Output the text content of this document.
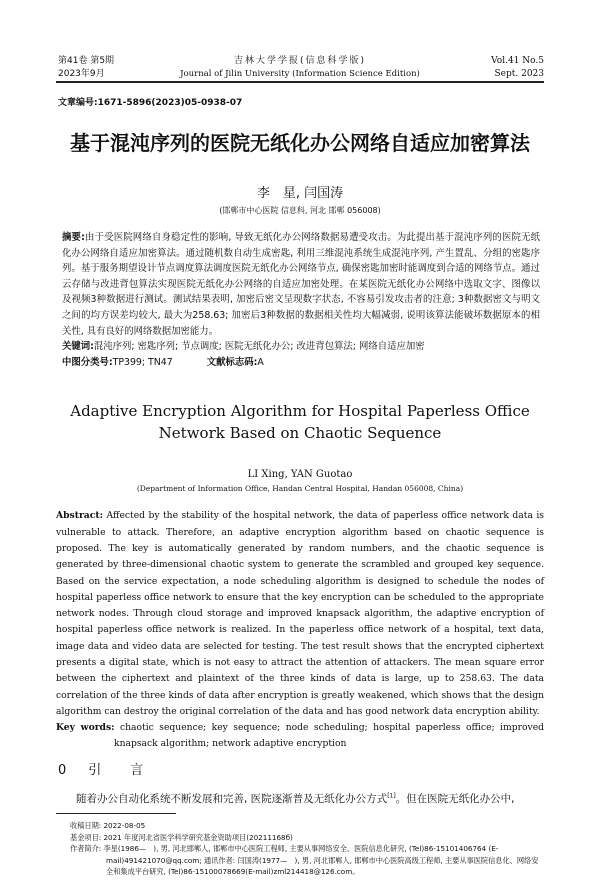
第41卷 第5期
2023年9月
吉林大学学报(信息科学版)
Journal of Jilin University (Information Science Edition)
Vol.41 No.5
Sept. 2023
文章编号:1671-5896(2023)05-0938-07
基于混沌序列的医院无纸化办公网络自适应加密算法
李　星, 闫国涛
(邯郸市中心医院 信息科, 河北 邯郸 056008)
摘要:由于受医院网络自身稳定性的影响, 导致无纸化办公网络数据易遭受攻击。为此提出基于混沌序列的医院无纸化办公网络自适应加密算法。通过随机数自动生成密匙, 利用三维混沌系统生成混沌序列, 产生置乱、分组的密匙序列。基于服务期望设计节点调度算法调度医院无纸化办公网络节点, 确保密匙加密时能调度到合适的网络节点。通过云存储与改进背包算法实现医院无纸化办公网络的自适应加密处理。在某医院无纸化办公网络中选取文字、图像以及视频3种数据进行测试。测试结果表明, 加密后密文呈现数字状态, 不容易引发攻击者的注意; 3种数据密文与明文之间的均方误差均较大, 最大为258.63; 加密后3种数据的数据相关性均大幅减弱, 说明该算法能破坏数据原本的相关性, 具有良好的网络数据加密能力。
关键词:混沌序列; 密匙序列; 节点调度; 医院无纸化办公; 改进背包算法; 网络自适应加密
中图分类号:TP399; TN47	文献标志码:A
Adaptive Encryption Algorithm for Hospital Paperless Office
Network Based on Chaotic Sequence
LI Xing, YAN Guotao
(Department of Information Office, Handan Central Hospital, Handan 056008, China)
Abstract: Affected by the stability of the hospital network, the data of paperless office network data is vulnerable to attack. Therefore, an adaptive encryption algorithm based on chaotic sequence is proposed. The key is automatically generated by random numbers, and the chaotic sequence is generated by three-dimensional chaotic system to generate the scrambled and grouped key sequence. Based on the service expectation, a node scheduling algorithm is designed to schedule the nodes of hospital paperless office network to ensure that the key encryption can be scheduled to the appropriate network nodes. Through cloud storage and improved knapsack algorithm, the adaptive encryption of hospital paperless office network is realized. In the paperless office network of a hospital, text data, image data and video data are selected for testing. The test result shows that the encrypted ciphertext presents a digital state, which is not easy to attract the attention of attackers. The mean square error between the ciphertext and plaintext of the three kinds of data is large, up to 258.63. The data correlation of the three kinds of data after encryption is greatly weakened, which shows that the design algorithm can destroy the original correlation of the data and has good network data encryption ability.
Key words: chaotic sequence; key sequence; node scheduling; hospital paperless office; improved knapsack algorithm; network adaptive encryption
0 引　言
随着办公自动化系统不断发展和完善, 医院逐渐普及无纸化办公方式[1]。但在医院无纸化办公中,
收稿日期: 2022-08-05
基金项目: 2021 年度河北省医学科学研究基金资助项目(20211168б)
作者简介: 李星(1986—　), 男, 河北邯郸人, 邯郸市中心医院工程师, 主要从事网络安全、医院信息化研究, (Tel)86-15101406764 (E-mail)491421070@qq.com; 通讯作者: 闫国涛(1977—　), 男, 河北邯郸人, 邯郸市中心医院高级工程师, 主要从事医院信息化、网络安全和集成平台研究, (Tel)86-15100078669(E-mail)zml214418@126.com。
